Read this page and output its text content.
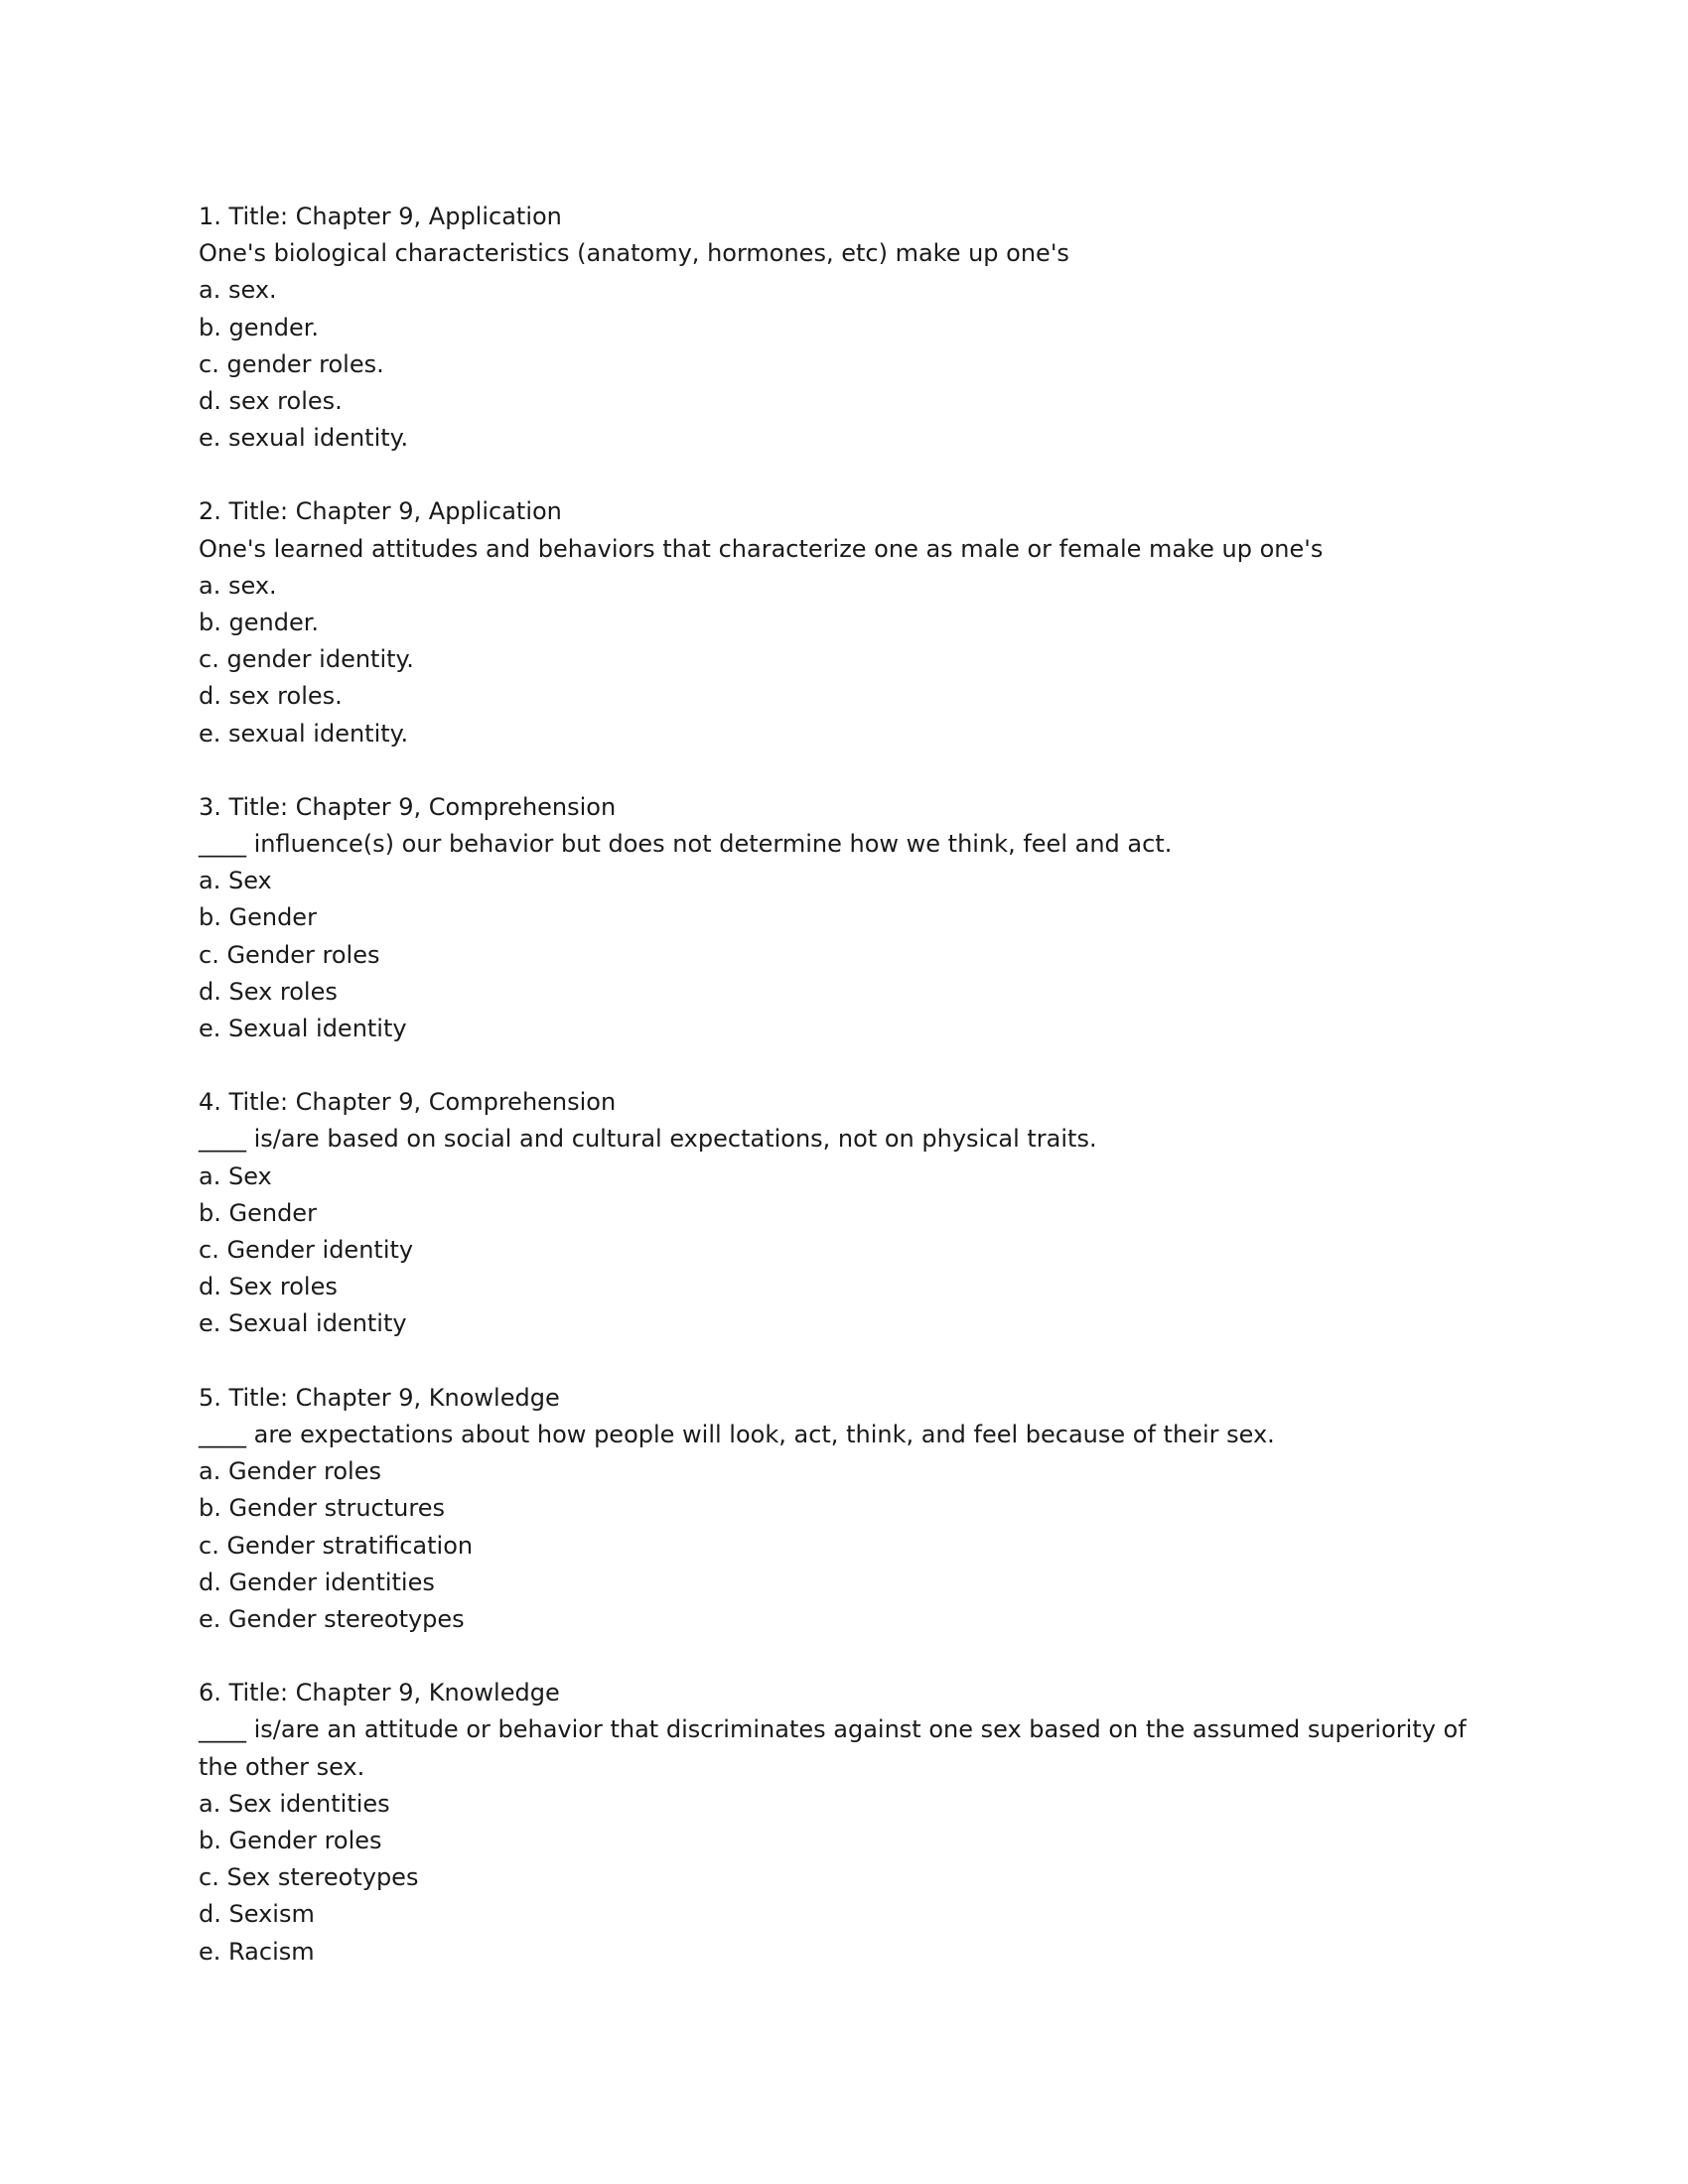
1. Title: Chapter 9, Application
One's biological characteristics (anatomy, hormones, etc) make up one's
a. sex.
b. gender.
c. gender roles.
d. sex roles.
e. sexual identity.
2. Title: Chapter 9, Application
One's learned attitudes and behaviors that characterize one as male or female make up one's
a. sex.
b. gender.
c. gender identity.
d. sex roles.
e. sexual identity.
3. Title: Chapter 9, Comprehension
____ influence(s) our behavior but does not determine how we think, feel and act.
a. Sex
b. Gender
c. Gender roles
d. Sex roles
e. Sexual identity
4. Title: Chapter 9, Comprehension
____ is/are based on social and cultural expectations, not on physical traits.
a. Sex
b. Gender
c. Gender identity
d. Sex roles
e. Sexual identity
5. Title: Chapter 9, Knowledge
____ are expectations about how people will look, act, think, and feel because of their sex.
a. Gender roles
b. Gender structures
c. Gender stratification
d. Gender identities
e. Gender stereotypes
6. Title: Chapter 9, Knowledge
____ is/are an attitude or behavior that discriminates against one sex based on the assumed superiority of the other sex.
a. Sex identities
b. Gender roles
c. Sex stereotypes
d. Sexism
e. Racism
